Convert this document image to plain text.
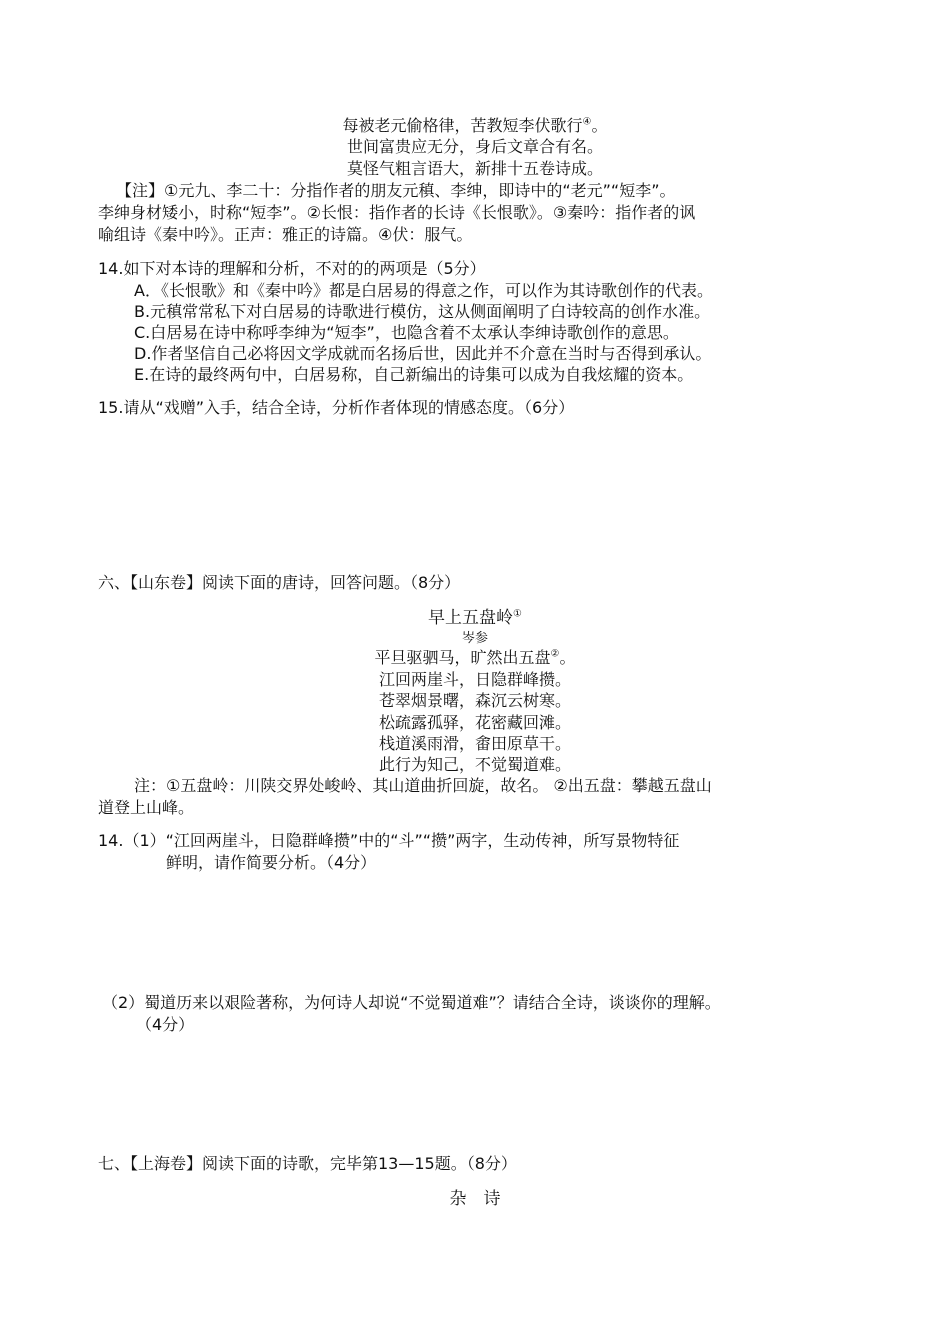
每被老元偷格律，苦教短李伏歌行④。
世间富贵应无分，身后文章合有名。
莫怪气粗言语大，新排十五卷诗成。
【注】①元九、李二十：分指作者的朋友元稹、李绅，即诗中的“老元”“短李”。
李绅身材矮小，时称“短李”。②长恨：指作者的长诗《长恨歌》。③秦吟：指作者的讽
喻组诗《秦中吟》。正声：雅正的诗篇。④伏：服气。
14.如下对本诗的理解和分析，不对的的两项是（5分）
A．《长恨歌》和《秦中吟》都是白居易的得意之作，可以作为其诗歌创作的代表。
B.元稹常常私下对白居易的诗歌进行模仿，这从侧面阐明了白诗较高的创作水准。
C.白居易在诗中称呼李绅为“短李”，也隐含着不太承认李绅诗歌创作的意思。
D.作者坚信自己必将因文学成就而名扬后世，因此并不介意在当时与否得到承认。
E.在诗的最终两句中，白居易称，自己新编出的诗集可以成为自我炫耀的资本。
15.请从“戏赠”入手，结合全诗，分析作者体现的情感态度。（6分）
六、【山东卷】阅读下面的唐诗，回答问题。（8分）
早上五盘岭①
岑参
平旦驱驷马，旷然出五盘②。
江回两崖斗，日隐群峰攒。
苍翠烟景曙，森沉云树寒。
松疏露孤驿，花密藏回滩。
栈道溪雨滑，畬田原草干。
此行为知己，不觉蜀道难。
注：①五盘岭：川陕交界处峻岭、其山道曲折回旋，故名。 ②出五盘：攀越五盘山
道登上山峰。
14.（1）“江回两崖斗，日隐群峰攒”中的“斗”“攒”两字，生动传神，所写景物特征
鲜明，请作简要分析。（4分）
（2）蜀道历来以艰险著称，为何诗人却说“不觉蜀道难”？请结合全诗，谈谈你的理解。
（4分）
七、【上海卷】阅读下面的诗歌，完毕第13—15题。（8分）
杂　诗
